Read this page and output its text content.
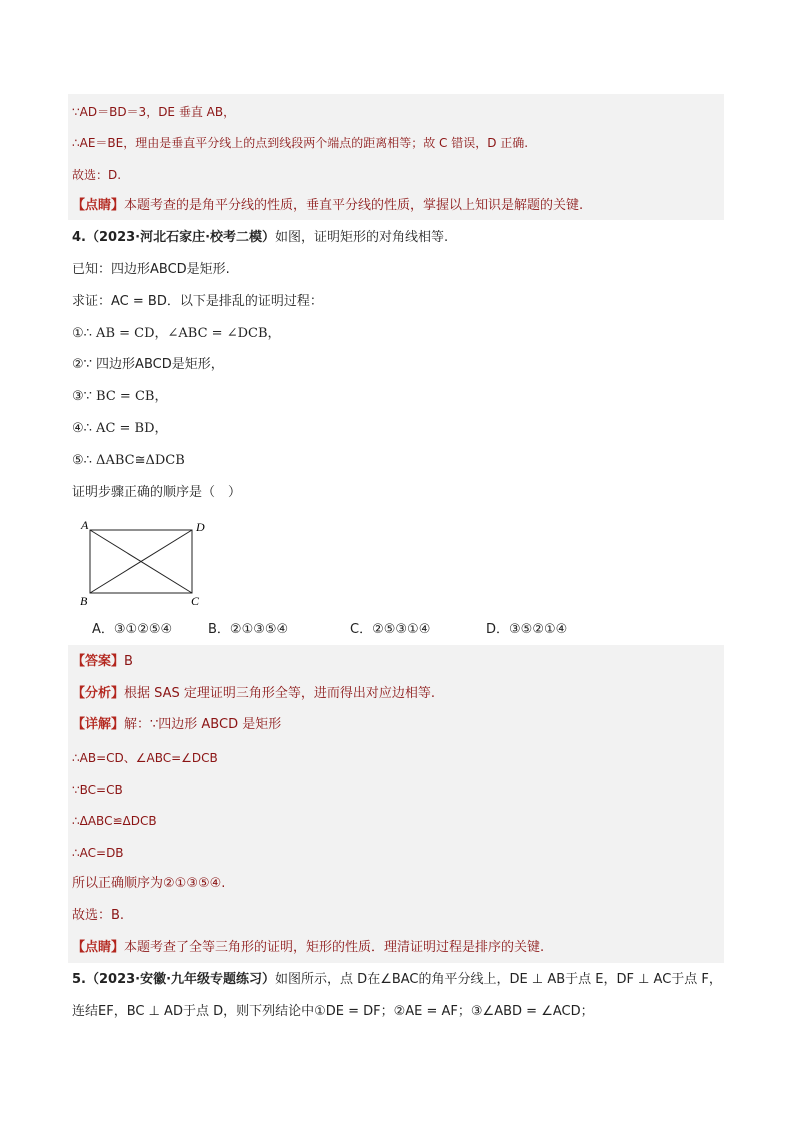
∵AD＝BD＝3，DE 垂直 AB，
∴AE＝BE，理由是垂直平分线上的点到线段两个端点的距离相等；故 C 错误，D 正确.
故选：D.
【点睛】本题考查的是角平分线的性质，垂直平分线的性质，掌握以上知识是解题的关键.
4.（2023·河北石家庄·校考二模）如图，证明矩形的对角线相等.
已知：四边形ABCD是矩形.
求证：AC = BD．以下是排乱的证明过程：
①∴ AB = CD，∠ABC = ∠DCB，
②∵ 四边形ABCD是矩形，
③∵ BC = CB，
④∴ AC = BD，
⑤∴ ΔABC≅ΔDCB
证明步骤正确的顺序是（　）
A	D
B	C
A．③①②⑤④	B．②①③⑤④	C．②⑤③①④	D．③⑤②①④
【答案】B
【分析】根据 SAS 定理证明三角形全等，进而得出对应边相等.
【详解】解：∵四边形 ABCD 是矩形
∴AB=CD、∠ABC=∠DCB
∵BC=CB
∴ΔABC≌ΔDCB
∴AC=DB
所以正确顺序为②①③⑤④.
故选：B.
【点睛】本题考查了全等三角形的证明，矩形的性质．理清证明过程是排序的关键.
5.（2023·安徽·九年级专题练习）如图所示，点 D在∠BAC的角平分线上，DE ⊥ AB于点 E，DF ⊥ AC于点 F，
连结EF，BC ⊥ AD于点 D，则下列结论中①DE = DF；②AE = AF；③∠ABD = ∠ACD；
